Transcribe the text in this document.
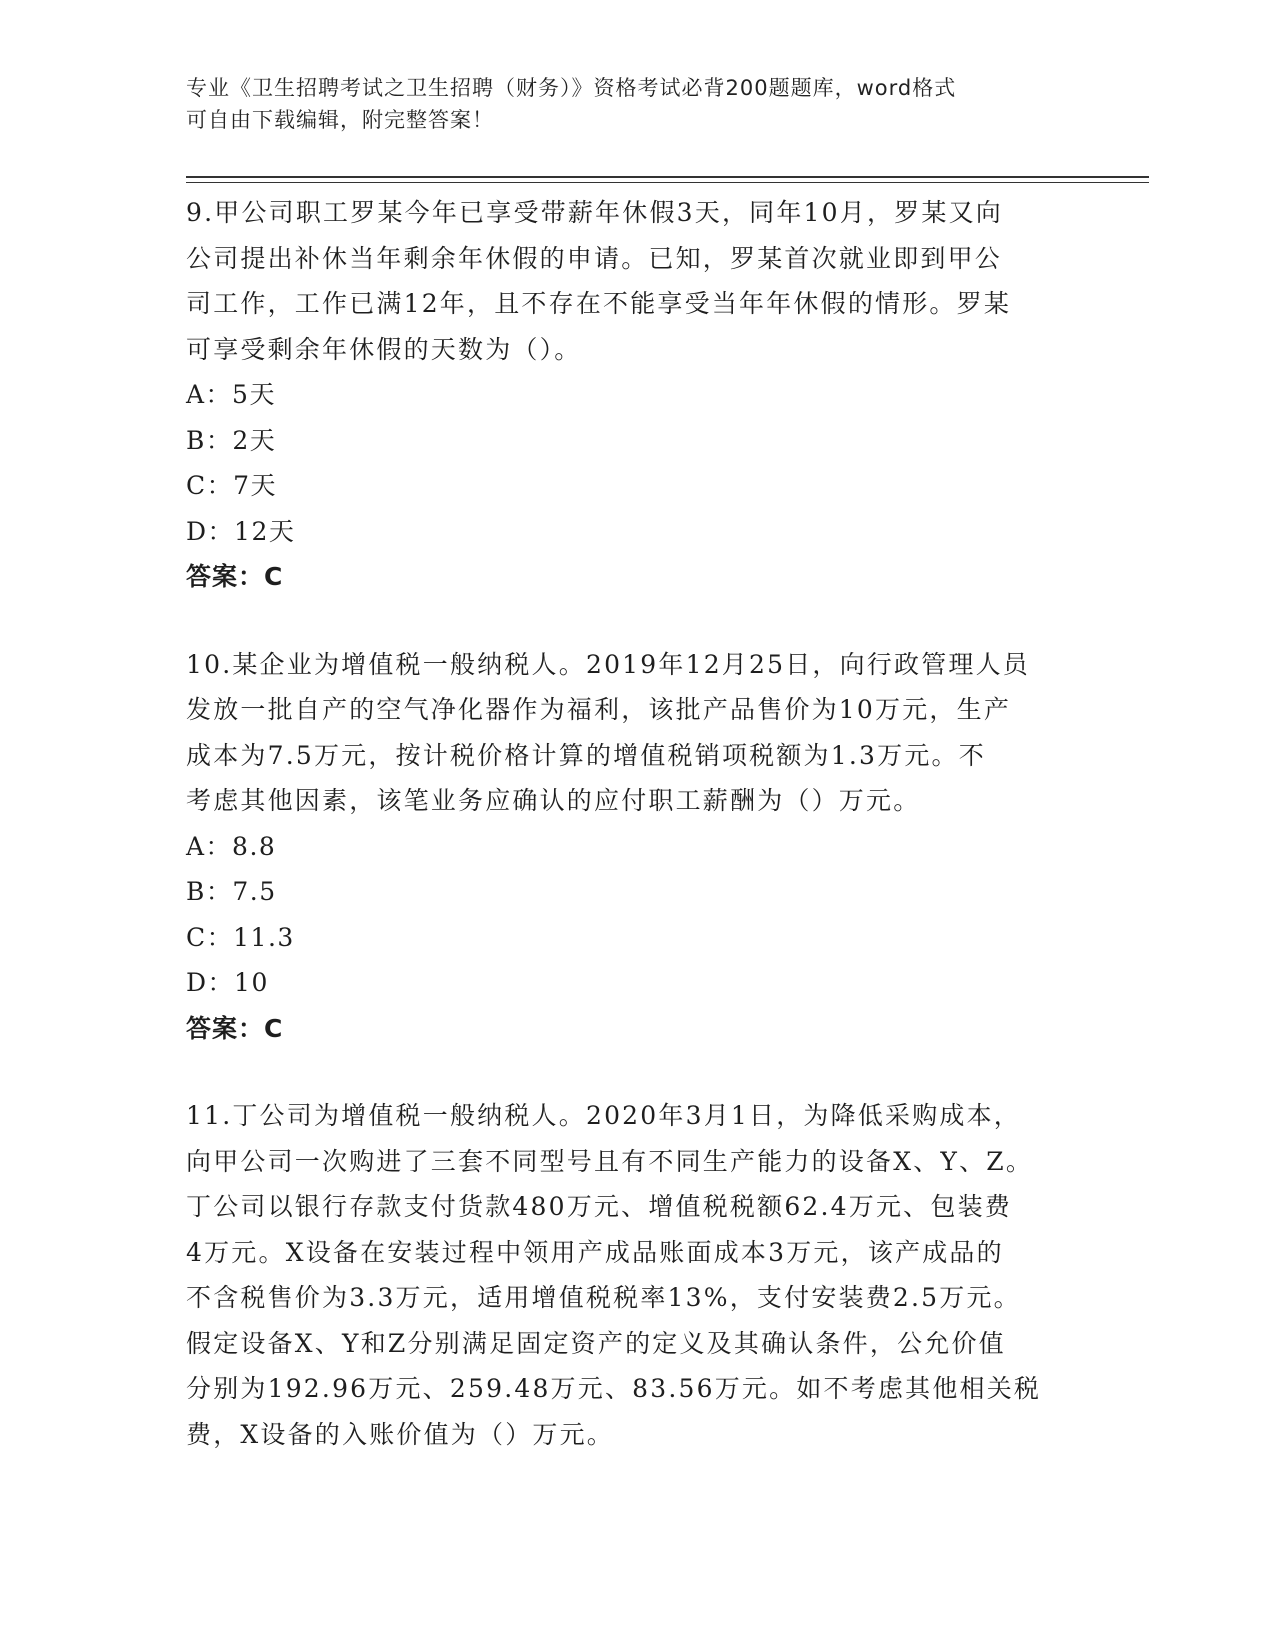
专业《卫生招聘考试之卫生招聘（财务）》资格考试必背200题题库，word格式
可自由下载编辑，附完整答案！

9.甲公司职工罗某今年已享受带薪年休假3天，同年10月，罗某又向

公司提出补休当年剩余年休假的申请。已知，罗某首次就业即到甲公

司工作，工作已满12年，且不存在不能享受当年年休假的情形。罗某

可享受剩余年休假的天数为（）。

A：5天

B：2天

C：7天

D：12天

答案：C

10.某企业为增值税一般纳税人。2019年12月25日，向行政管理人员

发放一批自产的空气净化器作为福利，该批产品售价为10万元，生产

成本为7.5万元，按计税价格计算的增值税销项税额为1.3万元。不

考虑其他因素，该笔业务应确认的应付职工薪酬为（）万元。

A：8.8

B：7.5

C：11.3

D：10

答案：C

11.丁公司为增值税一般纳税人。2020年3月1日，为降低采购成本，

向甲公司一次购进了三套不同型号且有不同生产能力的设备X、Y、Z。

丁公司以银行存款支付货款480万元、增值税税额62.4万元、包装费

4万元。X设备在安装过程中领用产成品账面成本3万元，该产成品的

不含税售价为3.3万元，适用增值税税率13%，支付安装费2.5万元。

假定设备X、Y和Z分别满足固定资产的定义及其确认条件，公允价值

分别为192.96万元、259.48万元、83.56万元。如不考虑其他相关税

费，X设备的入账价值为（）万元。
